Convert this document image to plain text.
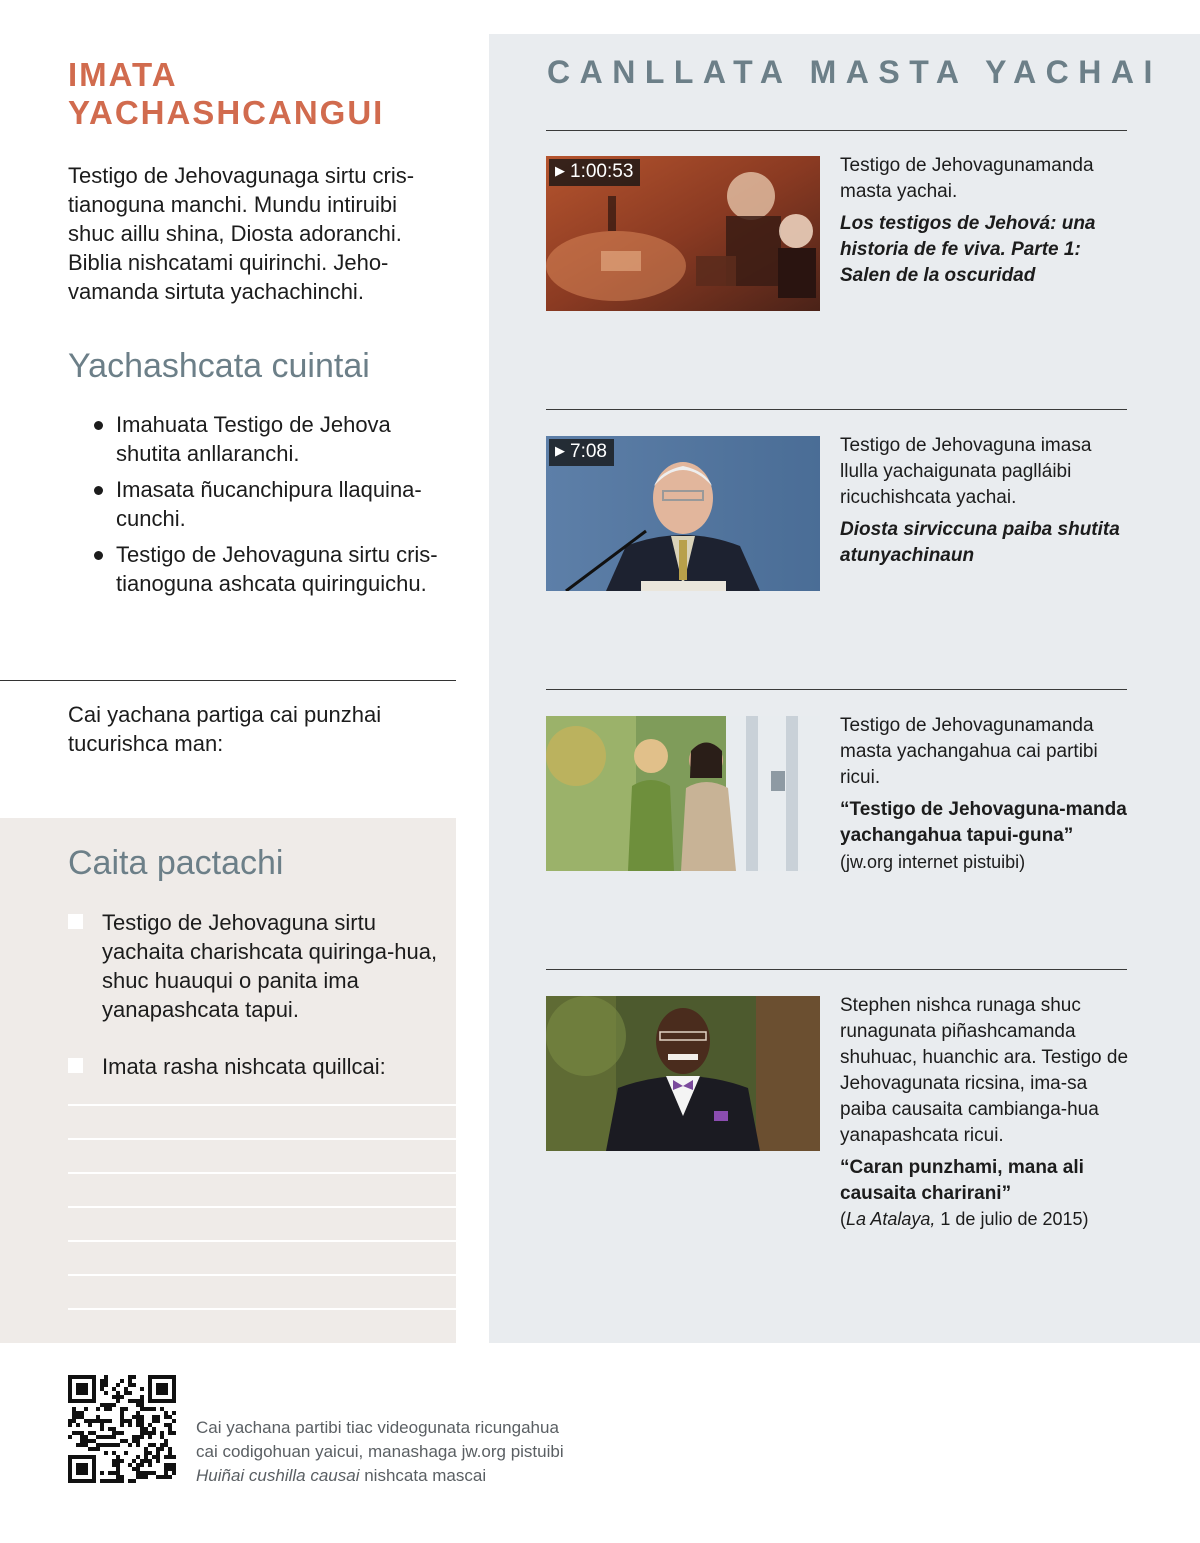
IMATA
YACHASHCANGUI

Testigo de Jehovagunaga sirtu cris-tianoguna manchi. Mundu intiruibi shuc aillu shina, Diosta adoranchi. Biblia nishcatami quirinchi. Jeho-vamanda sirtuta yachachinchi.

Yachashcata cuintai
Imahuata Testigo de Jehova shutita anllaranchi.
Imasata ñucanchipura llaquina-cunchi.
Testigo de Jehovaguna sirtu cris-tianoguna ashcata quiringuichu.

Cai yachana partiga cai punzhai tucurishca man:

Caita pactachi
Testigo de Jehovaguna sirtu yachaita charishcata quiringa-hua, shuc huauqui o panita ima yanapashcata tapui.
Imata rasha nishcata quillcai:
CANLLATA MASTA YACHAI
▶ 1:00:53	Testigo de Jehovagunamanda masta yachai.

Los testigos de Jehová: una historia de fe viva. Parte 1: Salen de la oscuridad

▶ 7:08	Testigo de Jehovaguna imasa llulla yachaigunata paglláibi ricuchishcata yachai.

Diosta sirviccuna paiba shutita atunyachinaun

Testigo de Jehovagunamanda masta yachangahua cai partibi ricui.

“Testigo de Jehovaguna-manda yachangahua tapui-guna” (jw.org internet pistuibi)

Stephen nishca runaga shuc runagunata piñashcamanda shuhuac, huanchic ara. Testigo de Jehovagunata ricsina, ima-sa paiba causaita cambianga-hua yanapashcata ricui.

“Caran punzhami, mana ali causaita charirani”

(La Atalaya, 1 de julio de 2015)

Cai yachana partibi tiac videogunata ricungahua
cai codigohuan yaicui, manashaga jw.org pistuibi
Huiñai cushilla causai nishcata mascai
